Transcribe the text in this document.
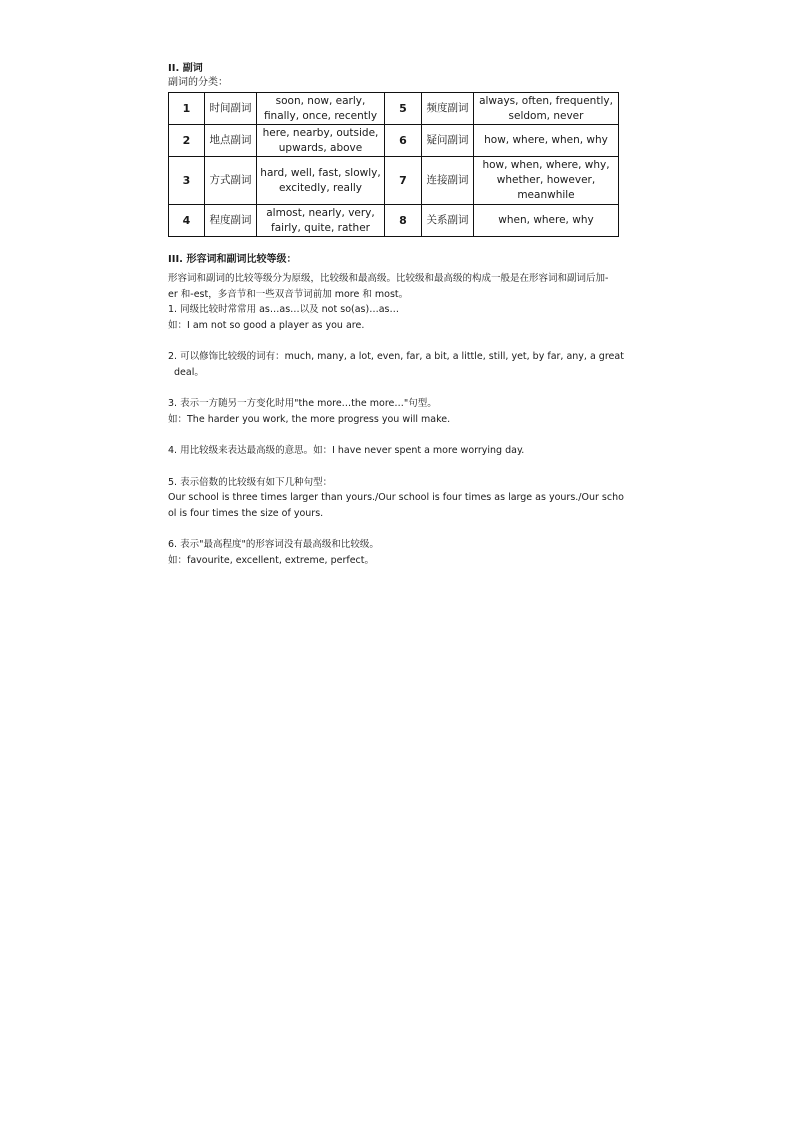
II. 副词

副词的分类：

1	时间副词	soon, now, early, finally, once, recently	5	频度副词	always, often, frequently, seldom, never
2	地点副词	here, nearby, outside, upwards, above	6	疑问副词	how, where, when, why
3	方式副词	hard, well, fast, slowly, excitedly, really	7	连接副词	how, when, where, why, whether, however, meanwhile
4	程度副词	almost, nearly, very, fairly, quite, rather	8	关系副词	when, where, why

III. 形容词和副词比较等级：

形容词和副词的比较等级分为原级，比较级和最高级。比较级和最高级的构成一般是在形容词和副词后加-

er 和-est，多音节和一些双音节词前加 more 和 most。

1. 同级比较时常常用 as…as…以及 not so(as)…as…

如：I am not so good a player as you are.

2. 可以修饰比较级的词有：much, many, a lot, even, far, a bit, a little, still, yet, by far, any, a great

deal。

3. 表示一方随另一方变化时用"the more…the more…"句型。

如：The harder you work, the more progress you will make.

4. 用比较级来表达最高级的意思。如：I have never spent a more worrying day.

5. 表示倍数的比较级有如下几种句型：

Our school is three times larger than yours./Our school is four times as large as yours./Our scho

ol is four times the size of yours.

6. 表示"最高程度"的形容词没有最高级和比较级。

如：favourite, excellent, extreme, perfect。
